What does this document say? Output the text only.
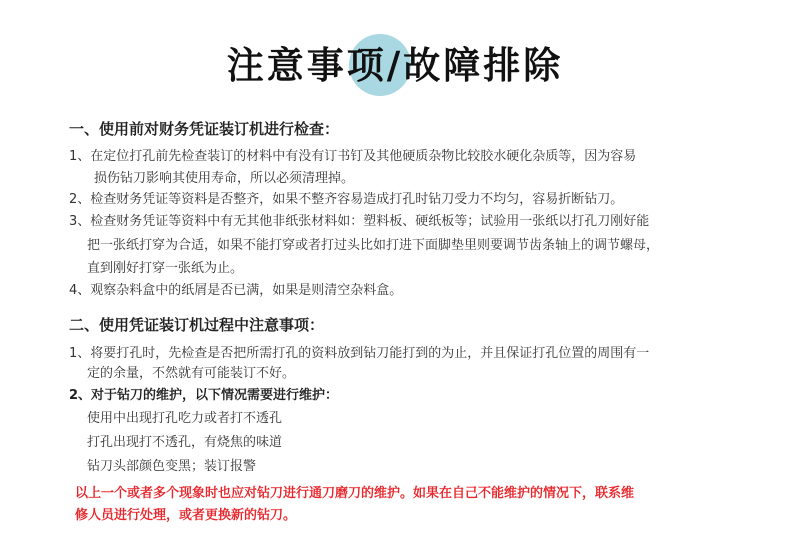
注意事项/故障排除
一、使用前对财务凭证装订机进行检查：
1、在定位打孔前先检查装订的材料中有没有订书钉及其他硬质杂物比较胶水硬化杂质等，因为容易
损伤钻刀影响其使用寿命，所以必须清理掉。
2、检查财务凭证等资料是否整齐，如果不整齐容易造成打孔时钻刀受力不均匀，容易折断钻刀。
3、检查财务凭证等资料中有无其他非纸张材料如：塑料板、硬纸板等；试验用一张纸以打孔刀刚好能
把一张纸打穿为合适，如果不能打穿或者打过头比如打进下面脚垫里则要调节齿条轴上的调节螺母，
直到刚好打穿一张纸为止。
4、观察杂料盒中的纸屑是否已满，如果是则清空杂料盒。
二、使用凭证装订机过程中注意事项：
1、将要打孔时，先检查是否把所需打孔的资料放到钻刀能打到的为止，并且保证打孔位置的周围有一
定的余量，不然就有可能装订不好。
2、对于钻刀的维护，以下情况需要进行维护：
使用中出现打孔吃力或者打不透孔
打孔出现打不透孔，有烧焦的味道
钻刀头部颜色变黑；装订报警
以上一个或者多个现象时也应对钻刀进行通刀磨刀的维护。如果在自己不能维护的情况下，联系维
修人员进行处理，或者更换新的钻刀。
